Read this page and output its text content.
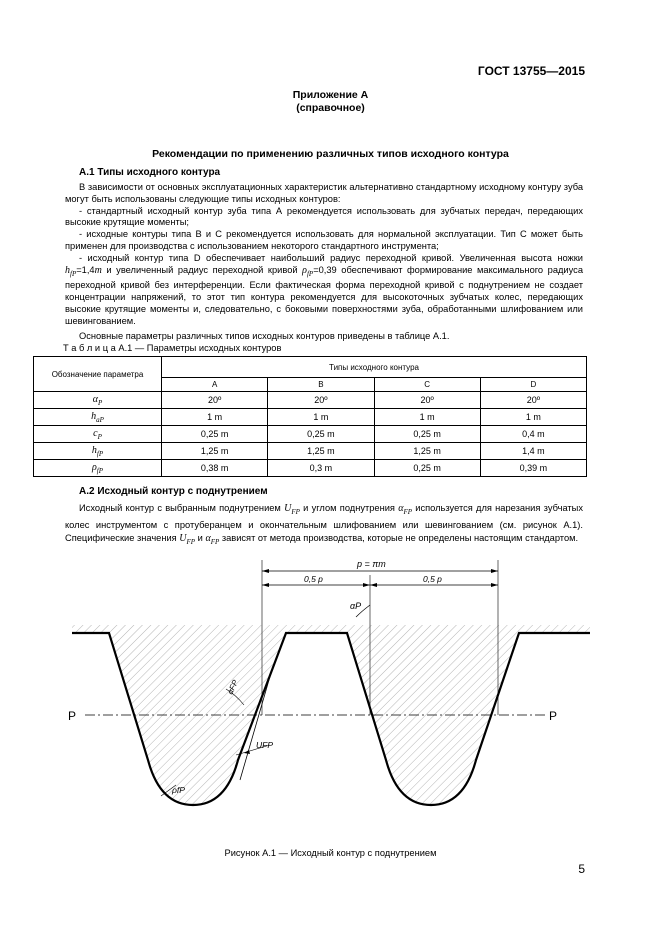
ГОСТ 13755—2015
Приложение А
(справочное)
Рекомендации по применению различных типов исходного контура
А.1 Типы исходного контура

В зависимости от основных эксплуатационных характеристик альтернативно стандартному исходному контуру зуба могут быть использованы следующие типы исходных контуров:

- стандартный исходный контур зуба типа А рекомендуется использовать для зубчатых передач, передающих высокие крутящие моменты;

- исходные контуры типа В и С рекомендуется использовать для нормальной эксплуатации. Тип С может быть применен для производства с использованием некоторого стандартного инструмента;

- исходный контур типа D обеспечивает наибольший радиус переходной кривой. Увеличенная высота ножки $h_{fP}=1,4m$ и увеличенный радиус переходной кривой $\rho_{fP}=0,39$ обеспечивают формирование максимального радиуса переходной кривой без интерференции. Если фактическая форма переходной кривой с поднутрением не создает концентрации напряжений, то этот тип контура рекомендуется для высокоточных зубчатых колес, передающих высокие крутящие моменты и, следовательно, с боковыми поверхностями зуба, обработанными шлифованием или шевингованием.

Основные параметры различных типов исходных контуров приведены в таблице А.1.

Т а б л и ц а А.1 — Параметры исходных контуров
Обозначение параметра	Типы исходного контура			
	A	B	C	D
$\alpha_P$	20º	20º	20º	20º
$h_{aP}$	1 m	1 m	1 m	1 m
$c_P$	0,25 m	0,25 m	0,25 m	0,4 m
$h_{fP}$	1,25 m	1,25 m	1,25 m	1,4 m
$\rho_{fP}$	0,38 m	0,3 m	0,25 m	0,39 m
А.2 Исходный контур с поднутрением

Исходный контур с выбранным поднутрением $U_{FP}$ и углом поднутрения $\alpha_{FP}$ используется для нарезания зубчатых колес инструментом с протуберанцем и окончательным шлифованием или шевингованием (см. рисунок А.1). Специфические значения $U_{FP}$ и $\alpha_{FP}$ зависят от метода производства, которые не определены настоящим стандартом.

P	P
p = πm
0,5 p	0,5 p
αP
αFP
UFP
ρfP
Рисунок А.1 — Исходный контур с поднутрением
5
